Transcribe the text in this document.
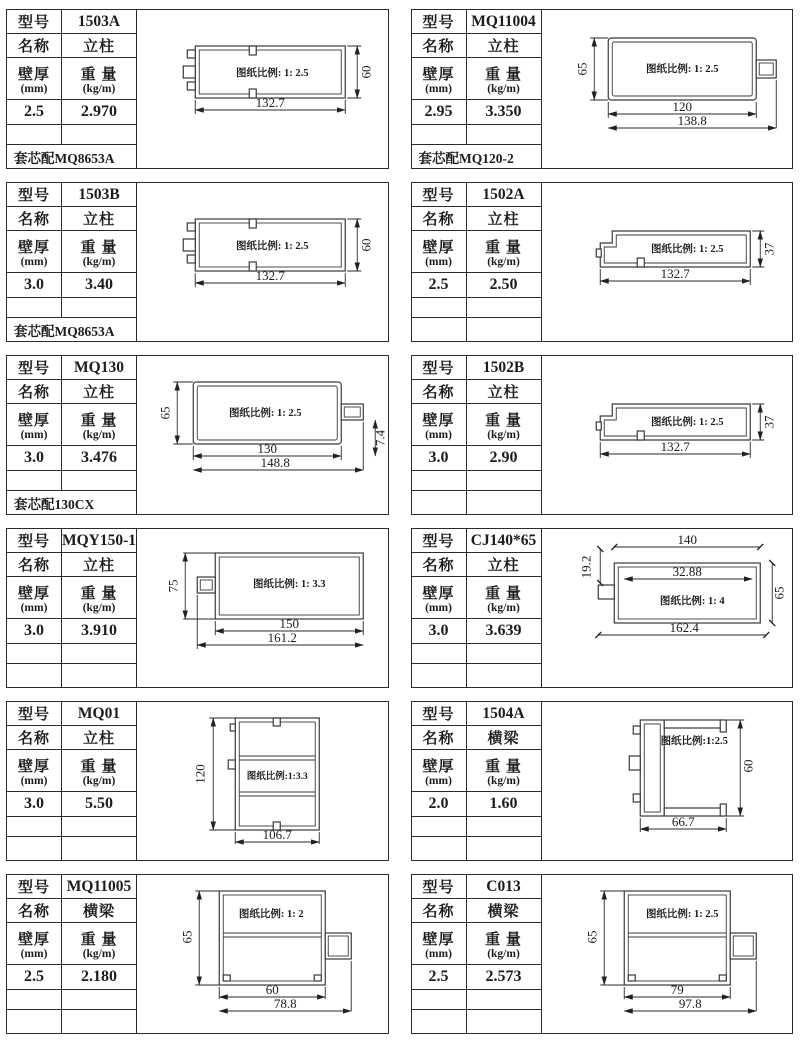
型号 1503A
名称 立柱
壁厚
(mm)
重 量
(kg/m)
2.5 2.970
套芯配MQ8653A
图纸比例: 1: 2.5	60
132.7
型号 MQ11004
名称 立柱
壁厚
(mm)
重 量
(kg/m)
2.95 3.350
套芯配MQ120-2
图纸比例: 1: 2.5
65
120
138.8
型号 1503B
名称 立柱
壁厚
(mm)
重 量
(kg/m)
3.0	3.40
套芯配MQ8653A
图纸比例: 1: 2.5	60
132.7
型号 1502A
名称 立柱
壁厚
(mm)
重 量
(kg/m)
2.5	2.50
图纸比例: 1: 2.5	37
132.7
型号 MQ130
名称 立柱
壁厚
(mm)
重 量
(kg/m)
3.0 3.476
套芯配130CX
图纸比例: 1: 2.5
65
130
148.8
7.4
型号 1502B
名称 立柱
壁厚
(mm)
重 量
(kg/m)
3.0	2.90
图纸比例: 1: 2.5	37
132.7
型号 MQY150-1
名称 立柱
壁厚
(mm)
重 量
(kg/m)
3.0 3.910
图纸比例: 1: 3.3
75
150
161.2
型号 CJ140*65
名称 立柱
壁厚
(mm)
重 量
(kg/m)
3.0 3.639
图纸比例: 1: 4
140
32.88
19.2
65
162.4
型号 MQ01
名称 立柱
壁厚
(mm)
重 量
(kg/m)
3.0	5.50
图纸比例:1:3.3
120
106.7
型号 1504A
名称 横梁
壁厚
(mm)
重 量
(kg/m)
2.0	1.60
图纸比例:1:2.5
60
66.7
型号 MQ11005
名称 横梁
壁厚
(mm)
重 量
(kg/m)
2.5 2.180
图纸比例: 1: 2
65
60
78.8
型号 C013
名称 横梁
壁厚
(mm)
重 量
(kg/m)
2.5 2.573
图纸比例: 1: 2.5
65
79
97.8
